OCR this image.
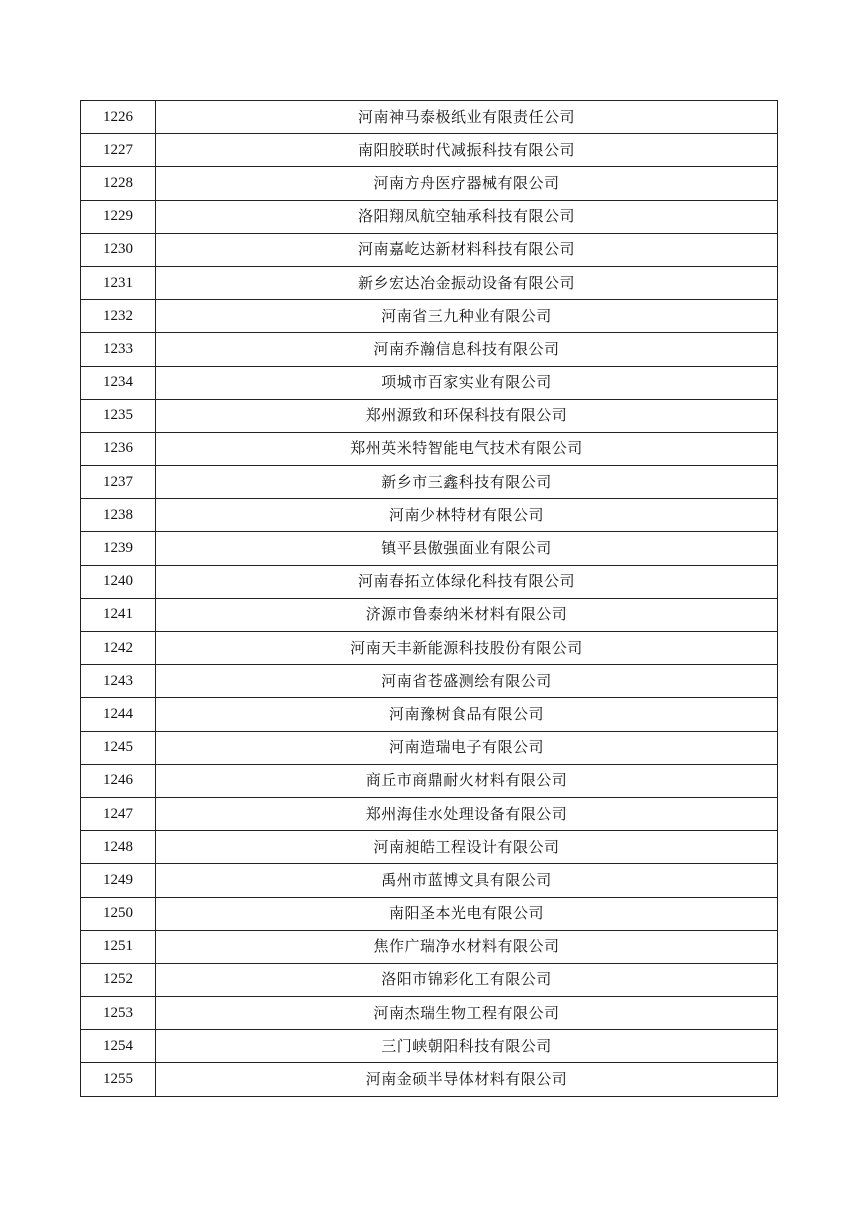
1226	河南神马泰极纸业有限责任公司
1227	南阳胶联时代减振科技有限公司
1228	河南方舟医疗器械有限公司
1229	洛阳翔凤航空轴承科技有限公司
1230	河南嘉屹达新材料科技有限公司
1231	新乡宏达冶金振动设备有限公司
1232	河南省三九种业有限公司
1233	河南乔瀚信息科技有限公司
1234	项城市百家实业有限公司
1235	郑州源致和环保科技有限公司
1236	郑州英米特智能电气技术有限公司
1237	新乡市三鑫科技有限公司
1238	河南少林特材有限公司
1239	镇平县傲强面业有限公司
1240	河南春拓立体绿化科技有限公司
1241	济源市鲁泰纳米材料有限公司
1242	河南天丰新能源科技股份有限公司
1243	河南省苍盛测绘有限公司
1244	河南豫树食品有限公司
1245	河南造瑞电子有限公司
1246	商丘市商鼎耐火材料有限公司
1247	郑州海佳水处理设备有限公司
1248	河南昶皓工程设计有限公司
1249	禹州市蓝博文具有限公司
1250	南阳圣本光电有限公司
1251	焦作广瑞净水材料有限公司
1252	洛阳市锦彩化工有限公司
1253	河南杰瑞生物工程有限公司
1254	三门峡朝阳科技有限公司
1255	河南金硕半导体材料有限公司
